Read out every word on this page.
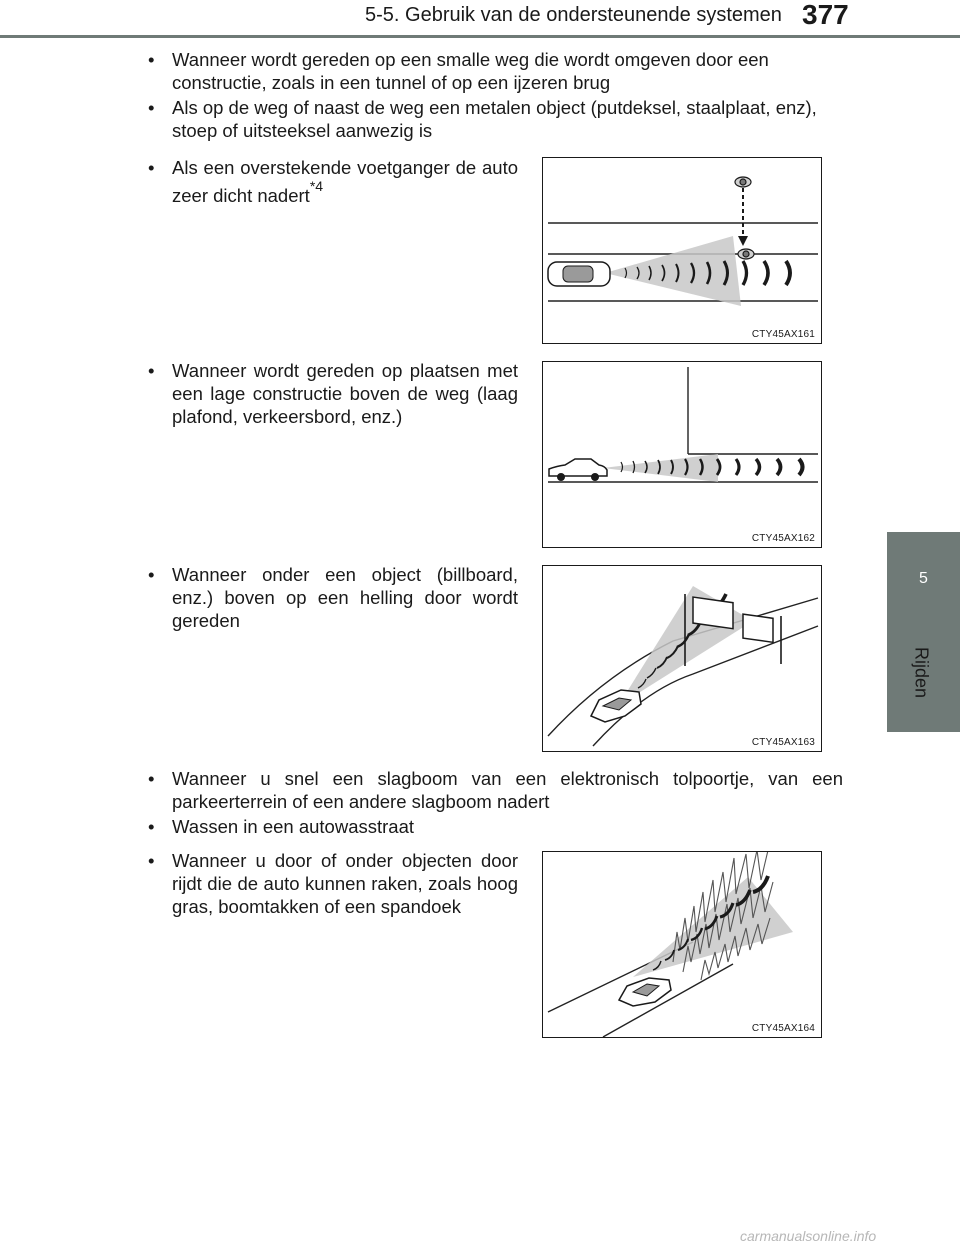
5-5. Gebruik van de ondersteunende systemen 377
5
Rijden
• Wanneer wordt gereden op een smalle weg die wordt omgeven door een constructie, zoals in een tunnel of op een ijzeren brug
• Als op de weg of naast de weg een metalen object (putdeksel, staalplaat, enz), stoep of uitsteeksel aanwezig is
• Als een overstekende voetganger de auto zeer dicht nadert$^{*4}$
CTY45AX161
• Wanneer wordt gereden op plaatsen met een lage constructie boven de weg (laag plafond, verkeersbord, enz.)
CTY45AX162
• Wanneer onder een object (billboard, enz.) boven op een helling door wordt gereden
CTY45AX163
• Wanneer u snel een slagboom van een elektronisch tolpoortje, van een parkeerterrein of een andere slagboom nadert
• Wassen in een autowasstraat
• Wanneer u door of onder objecten door rijdt die de auto kunnen raken, zoals hoog gras, boomtakken of een spandoek
CTY45AX164
carmanualsonline.info
